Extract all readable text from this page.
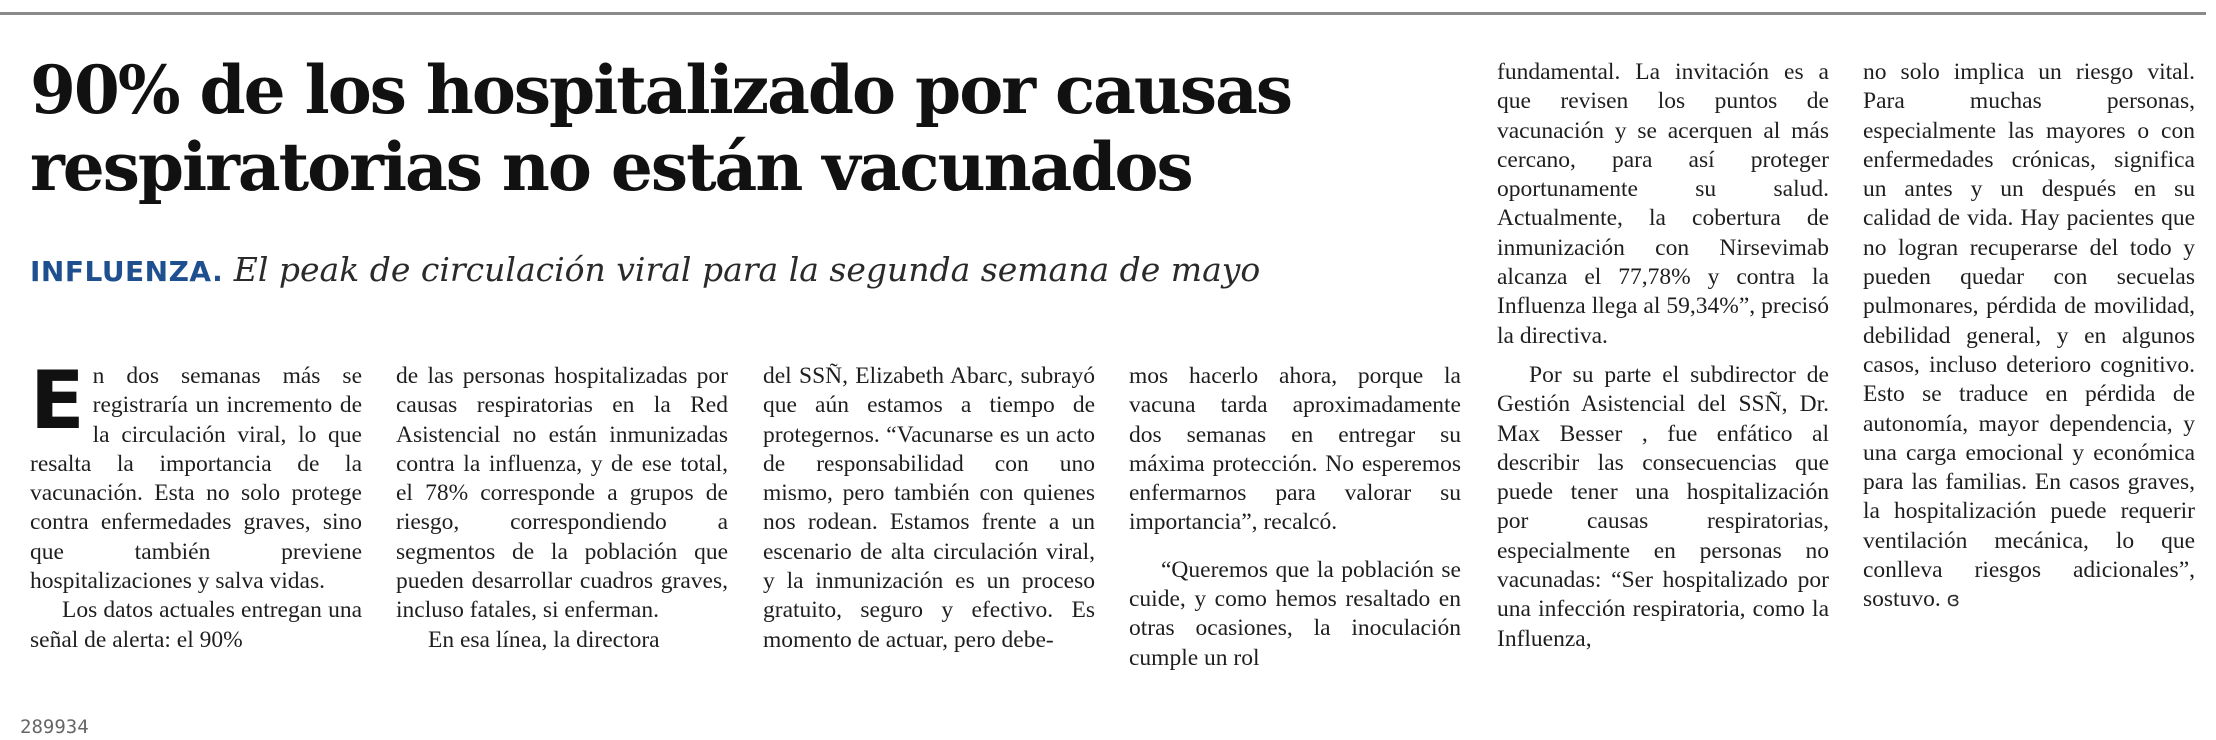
90% de los hospitalizado por causas respiratorias no están vacunados
INFLUENZA. El peak de circulación viral para la segunda semana de mayo

En dos semanas más se registraría un incremento de la circulación viral, lo que resalta la importancia de la vacunación. Esta no solo protege contra enfermedades graves, sino que también previene hospitalizaciones y salva vidas.

Los datos actuales entregan una señal de alerta: el 90%

de las personas hospitalizadas por causas respiratorias en la Red Asistencial no están inmunizadas contra la influenza, y de ese total, el 78% corresponde a grupos de riesgo, correspondiendo a segmentos de la población que pueden desarrollar cuadros graves, incluso fatales, si enferman.

En esa línea, la directora

del SSÑ, Elizabeth Abarc, subrayó que aún estamos a tiempo de protegernos. “Vacunarse es un acto de responsabilidad con uno mismo, pero también con quienes nos rodean. Estamos frente a un escenario de alta circulación viral, y la inmunización es un proceso gratuito, seguro y efectivo. Es momento de actuar, pero debe-

mos hacerlo ahora, porque la vacuna tarda aproximadamente dos semanas en entregar su máxima protección. No esperemos enfermarnos para valorar su importancia”, recalcó.

“Queremos que la población se cuide, y como hemos resaltado en otras ocasiones, la inoculación cumple un rol

fundamental. La invitación es a que revisen los puntos de vacunación y se acerquen al más cercano, para así proteger oportunamente su salud. Actualmente, la cobertura de inmunización con Nirsevimab alcanza el 77,78% y contra la Influenza llega al 59,34%”, precisó la directiva.

Por su parte el subdirector de Gestión Asistencial del SSÑ, Dr. Max Besser , fue enfático al describir las consecuencias que puede tener una hospitalización por causas respiratorias, especialmente en personas no vacunadas: “Ser hospitalizado por una infección respiratoria, como la Influenza,

no solo implica un riesgo vital. Para muchas personas, especialmente las mayores o con enfermedades crónicas, significa un antes y un después en su calidad de vida. Hay pacientes que no logran recuperarse del todo y pueden quedar con secuelas pulmonares, pérdida de movilidad, debilidad general, y en algunos casos, incluso deterioro cognitivo. Esto se traduce en pérdida de autonomía, mayor dependencia, y una carga emocional y económica para las familias. En casos graves, la hospitalización puede requerir ventilación mecánica, lo que conlleva riesgos adicionales”, sostuvo. ɞ

289934
